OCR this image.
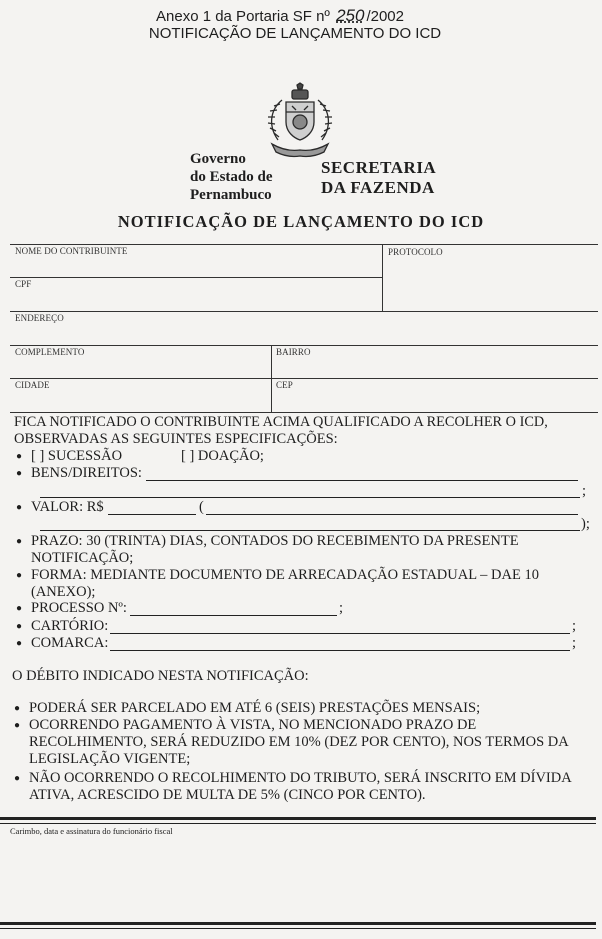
Anexo 1 da Portaria SF nº 250 /2002
NOTIFICAÇÃO DE LANÇAMENTO DO ICD
Governo
do Estado de
Pernambuco
SECRETARIA
DA FAZENDA
NOTIFICAÇÃO DE LANÇAMENTO DO ICD
NOME DO CONTRIBUINTE	PROTOCOLO
CPF
ENDEREÇO
COMPLEMENTO	BAIRRO
CIDADE	CEP
FICA NOTIFICADO O CONTRIBUINTE ACIMA QUALIFICADO A RECOLHER O ICD,
OBSERVADAS AS SEGUINTES ESPECIFICAÇÕES:
● [ ] SUCESSÃO	[ ] DOAÇÃO;
● BENS/DIREITOS:
;
● VALOR: R$	(
);
● PRAZO: 30 (TRINTA) DIAS, CONTADOS DO RECEBIMENTO DA PRESENTE
NOTIFICAÇÃO;
● FORMA: MEDIANTE DOCUMENTO DE ARRECADAÇÃO ESTADUAL – DAE 10
(ANEXO);
● PROCESSO Nº:	;
● CARTÓRIO:	;
● COMARCA:	;
O DÉBITO INDICADO NESTA NOTIFICAÇÃO:
● PODERÁ SER PARCELADO EM ATÉ 6 (SEIS) PRESTAÇÕES MENSAIS;
● OCORRENDO PAGAMENTO À VISTA, NO MENCIONADO PRAZO DE
RECOLHIMENTO, SERÁ REDUZIDO EM 10% (DEZ POR CENTO), NOS TERMOS DA
LEGISLAÇÃO VIGENTE;
● NÃO OCORRENDO O RECOLHIMENTO DO TRIBUTO, SERÁ INSCRITO EM DÍVIDA
ATIVA, ACRESCIDO DE MULTA DE 5% (CINCO POR CENTO).
Carimbo, data e assinatura do funcionário fiscal
